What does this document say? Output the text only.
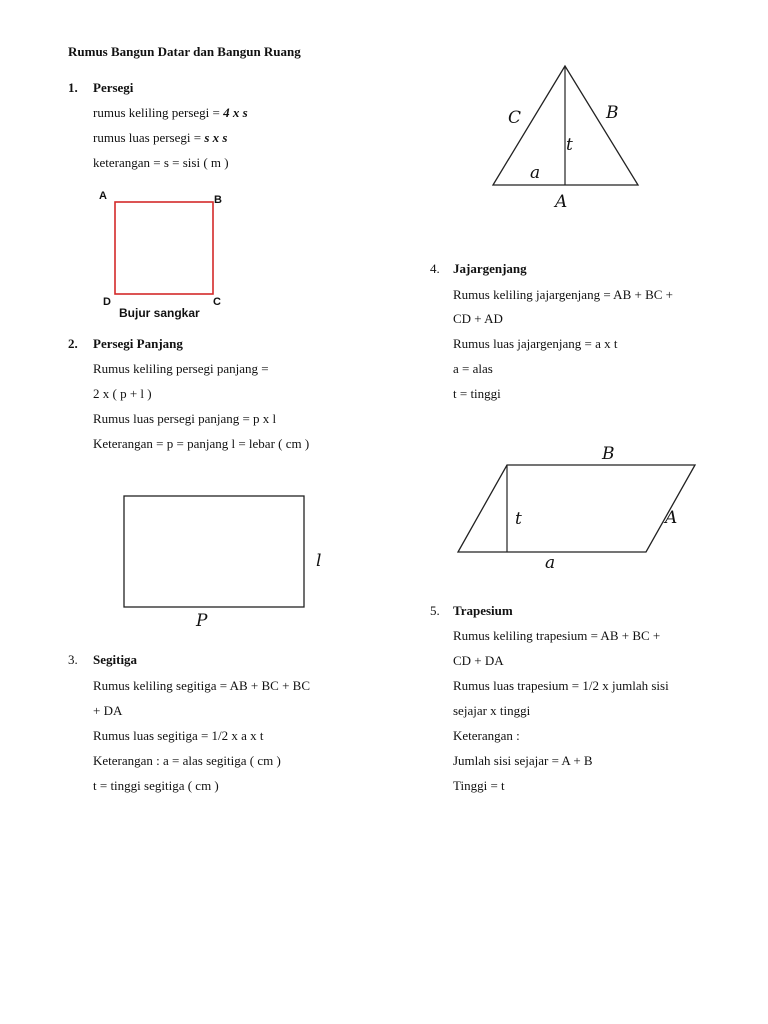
Rumus Bangun Datar dan Bangun Ruang
1. Persegi
rumus keliling persegi = 4 x s
rumus luas persegi = s x s
keterangan = s = sisi ( m )
A	B
C
D
Bujur sangkar
2. Persegi Panjang
Rumus keliling persegi panjang =
2 x ( p + l )
Rumus luas persegi panjang = p x l
Keterangan = p = panjang l = lebar ( cm )
l
P
3. Segitiga
Rumus keliling segitiga = AB + BC + BC
+ DA
Rumus luas segitiga = 1/2 x a x t
Keterangan : a = alas segitiga ( cm )
t = tinggi segitiga ( cm )
C	B
t
a
A
4. Jajargenjang
Rumus keliling jajargenjang = AB + BC +
CD + AD
Rumus luas jajargenjang = a x t
a = alas
t = tinggi
B
t	A
a
5. Trapesium
Rumus keliling trapesium = AB + BC +
CD + DA
Rumus luas trapesium = 1/2 x jumlah sisi
sejajar x tinggi
Keterangan :
Jumlah sisi sejajar = A + B
Tinggi = t
